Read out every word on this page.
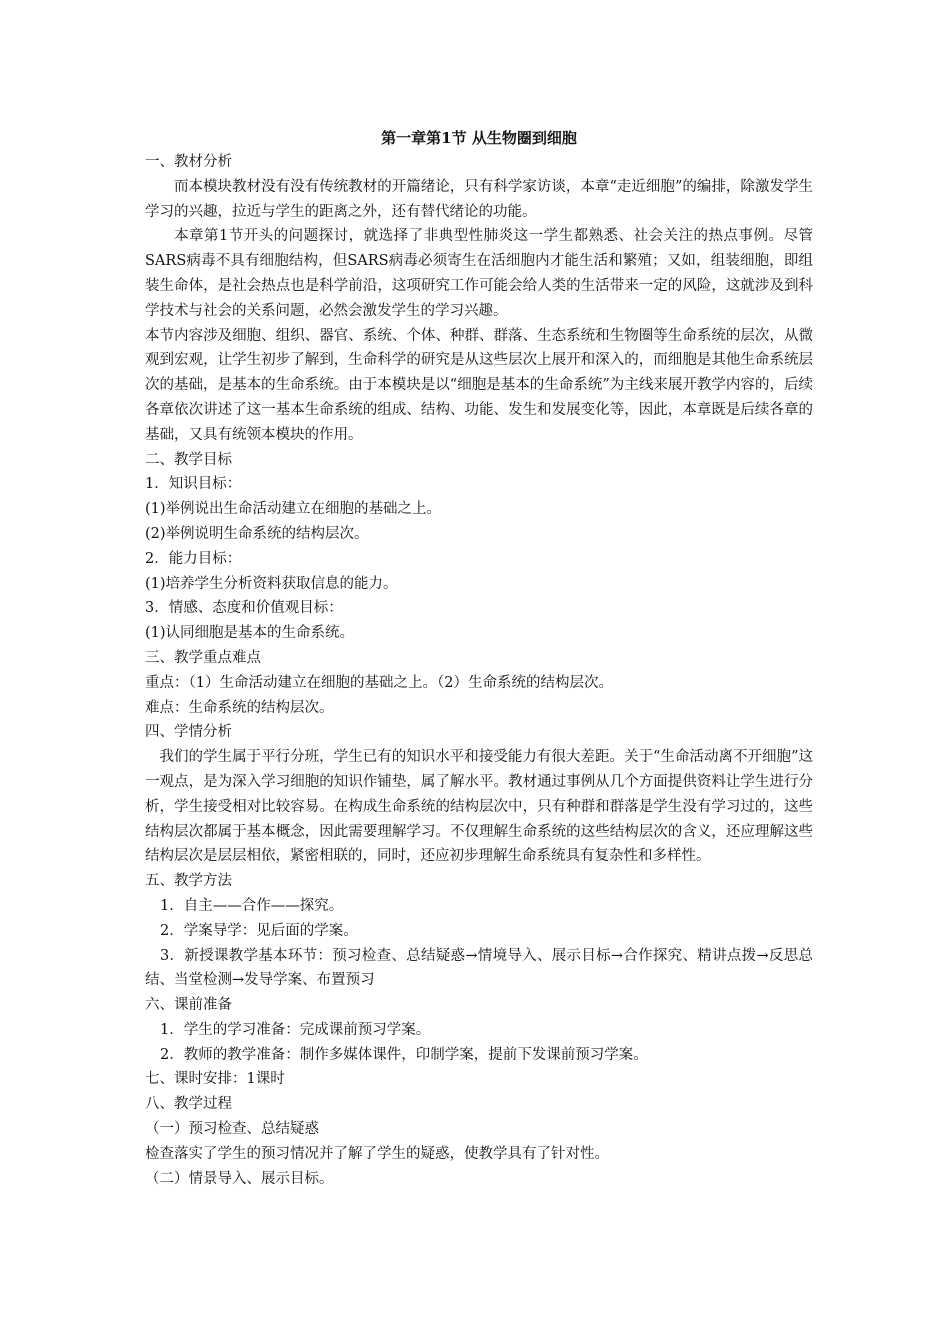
第一章第1节 从生物圈到细胞
一、教材分析
而本模块教材没有没有传统教材的开篇绪论，只有科学家访谈，本章“走近细胞”的编排，除激发学生学习的兴趣，拉近与学生的距离之外，还有替代绪论的功能。
本章第1节开头的问题探讨，就选择了非典型性肺炎这一学生都熟悉、社会关注的热点事例。尽管SARS病毒不具有细胞结构，但SARS病毒必须寄生在活细胞内才能生活和繁殖；又如，组装细胞，即组装生命体，是社会热点也是科学前沿，这项研究工作可能会给人类的生活带来一定的风险，这就涉及到科学技术与社会的关系问题，必然会激发学生的学习兴趣。
本节内容涉及细胞、组织、器官、系统、个体、种群、群落、生态系统和生物圈等生命系统的层次，从微观到宏观，让学生初步了解到，生命科学的研究是从这些层次上展开和深入的，而细胞是其他生命系统层次的基础，是基本的生命系统。由于本模块是以“细胞是基本的生命系统”为主线来展开教学内容的，后续各章依次讲述了这一基本生命系统的组成、结构、功能、发生和发展变化等，因此，本章既是后续各章的基础，又具有统领本模块的作用。
二、教学目标
1．知识目标：
(1)举例说出生命活动建立在细胞的基础之上。
(2)举例说明生命系统的结构层次。
2．能力目标：
(1)培养学生分析资料获取信息的能力。
3．情感、态度和价值观目标：
(1)认同细胞是基本的生命系统。
三、教学重点难点
重点：（1）生命活动建立在细胞的基础之上。（2）生命系统的结构层次。
难点：生命系统的结构层次。
四、学情分析
我们的学生属于平行分班，学生已有的知识水平和接受能力有很大差距。关于“生命活动离不开细胞”这一观点，是为深入学习细胞的知识作铺垫，属了解水平。教材通过事例从几个方面提供资料让学生进行分析，学生接受相对比较容易。在构成生命系统的结构层次中，只有种群和群落是学生没有学习过的，这些结构层次都属于基本概念，因此需要理解学习。不仅理解生命系统的这些结构层次的含义，还应理解这些结构层次是层层相依，紧密相联的，同时，还应初步理解生命系统具有复杂性和多样性。
五、教学方法
1．自主——合作——探究。
2．学案导学：见后面的学案。
3．新授课教学基本环节：预习检查、总结疑惑→情境导入、展示目标→合作探究、精讲点拨→反思总结、当堂检测→发导学案、布置预习
六、课前准备
1．学生的学习准备：完成课前预习学案。
2．教师的教学准备：制作多媒体课件，印制学案，提前下发课前预习学案。
七、课时安排：1课时
八、教学过程
（一）预习检查、总结疑惑
检查落实了学生的预习情况并了解了学生的疑惑，使教学具有了针对性。
（二）情景导入、展示目标。
